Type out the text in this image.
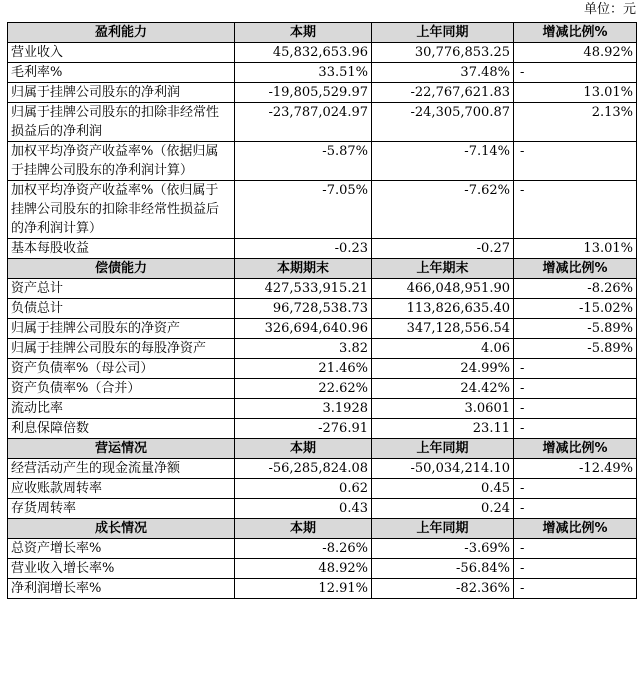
单位：元
盈利能力	本期	上年同期	增减比例%
营业收入	45,832,653.96	30,776,853.25	48.92%
毛利率%	33.51%	37.48%	-
归属于挂牌公司股东的净利润	-19,805,529.97	-22,767,621.83	13.01%
归属于挂牌公司股东的扣除非经常性损益后的净利润	-23,787,024.97	-24,305,700.87	2.13%
加权平均净资产收益率%（依据归属于挂牌公司股东的净利润计算）	-5.87%	-7.14%	-
加权平均净资产收益率%（依归属于挂牌公司股东的扣除非经常性损益后的净利润计算）	-7.05%	-7.62%	-
基本每股收益	-0.23	-0.27	13.01%
偿债能力	本期期末	上年期末	增减比例%
资产总计	427,533,915.21	466,048,951.90	-8.26%
负债总计	96,728,538.73	113,826,635.40	-15.02%
归属于挂牌公司股东的净资产	326,694,640.96	347,128,556.54	-5.89%
归属于挂牌公司股东的每股净资产	3.82	4.06	-5.89%
资产负债率%（母公司）	21.46%	24.99%	-
资产负债率%（合并）	22.62%	24.42%	-
流动比率	3.1928	3.0601	-
利息保障倍数	-276.91	23.11	-
营运情况	本期	上年同期	增减比例%
经营活动产生的现金流量净额	-56,285,824.08	-50,034,214.10	-12.49%
应收账款周转率	0.62	0.45	-
存货周转率	0.43	0.24	-
成长情况	本期	上年同期	增减比例%
总资产增长率%	-8.26%	-3.69%	-
营业收入增长率%	48.92%	-56.84%	-
净利润增长率%	12.91%	-82.36%	-
